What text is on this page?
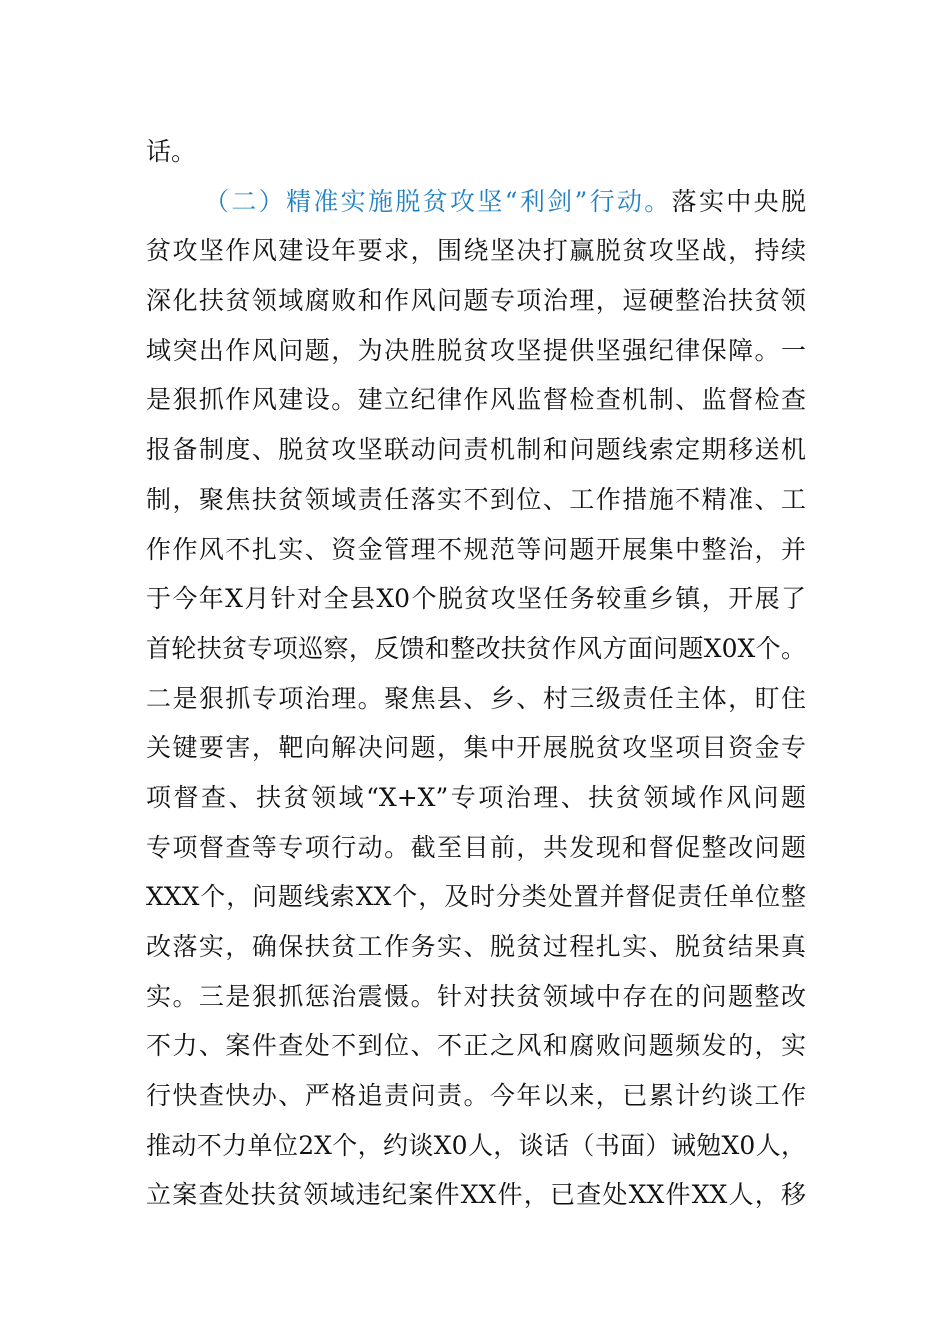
话。
（二）精准实施脱贫攻坚“利剑”行动。落实中央脱
贫攻坚作风建设年要求，围绕坚决打赢脱贫攻坚战，持续
深化扶贫领域腐败和作风问题专项治理，逗硬整治扶贫领
域突出作风问题，为决胜脱贫攻坚提供坚强纪律保障。一
是狠抓作风建设。建立纪律作风监督检查机制、监督检查
报备制度、脱贫攻坚联动问责机制和问题线索定期移送机
制，聚焦扶贫领域责任落实不到位、工作措施不精准、工
作作风不扎实、资金管理不规范等问题开展集中整治，并
于今年X月针对全县X0个脱贫攻坚任务较重乡镇，开展了
首轮扶贫专项巡察，反馈和整改扶贫作风方面问题X0X个。
二是狠抓专项治理。聚焦县、乡、村三级责任主体，盯住
关键要害，靶向解决问题，集中开展脱贫攻坚项目资金专
项督查、扶贫领域“X+X”专项治理、扶贫领域作风问题
专项督查等专项行动。截至目前，共发现和督促整改问题
XXX个，问题线索XX个，及时分类处置并督促责任单位整
改落实，确保扶贫工作务实、脱贫过程扎实、脱贫结果真
实。三是狠抓惩治震慑。针对扶贫领域中存在的问题整改
不力、案件查处不到位、不正之风和腐败问题频发的，实
行快查快办、严格追责问责。今年以来，已累计约谈工作
推动不力单位2X个，约谈X0人，谈话（书面）诫勉X0人，
立案查处扶贫领域违纪案件XX件，已查处XX件XX人，移
